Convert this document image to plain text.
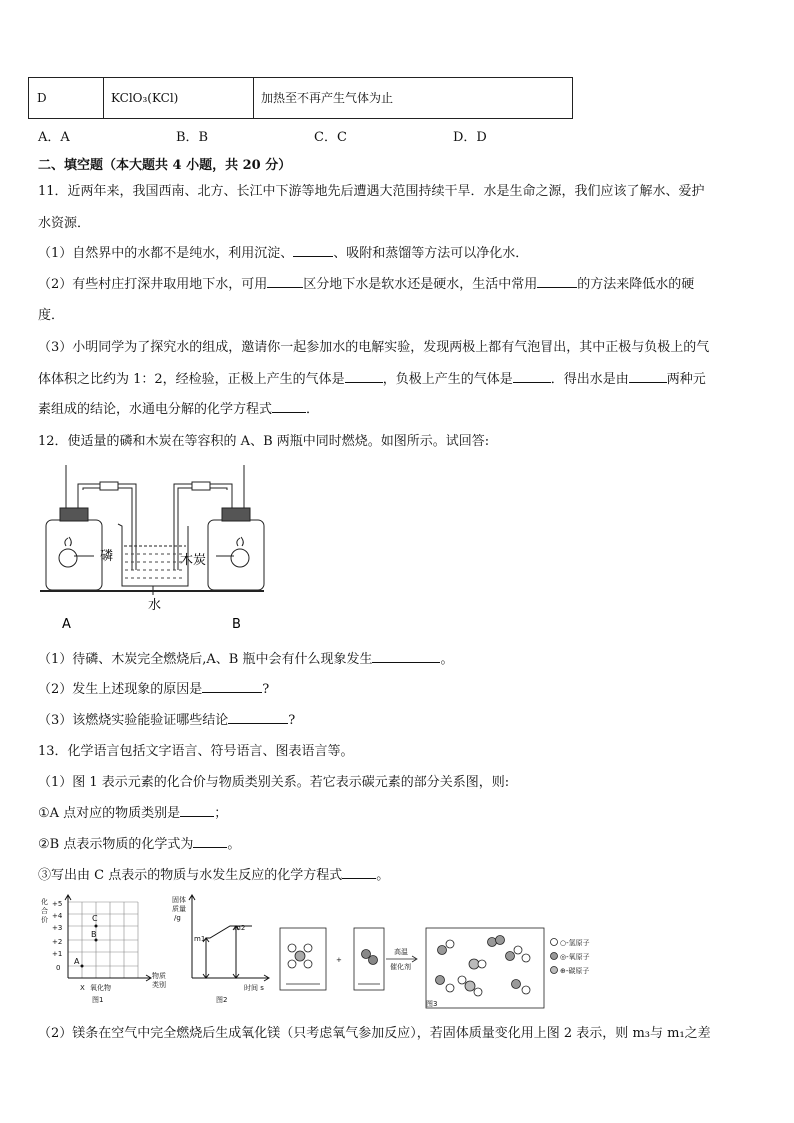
D	KClO₃(KCl)	加热至不再产生气体为止
A．A	B．B	C．C	D．D
二、填空题（本大题共 4 小题，共 20 分）
11．近两年来，我国西南、北方、长江中下游等地先后遭遇大范围持续干旱．水是生命之源，我们应该了解水、爱护
水资源．
（1）自然界中的水都不是纯水，利用沉淀、	、吸附和蒸馏等方法可以净化水．
（2）有些村庄打深井取用地下水，可用	区分地下水是软水还是硬水，生活中常用	的方法来降低水的硬
度．
（3）小明同学为了探究水的组成，邀请你一起参加水的电解实验，发现两极上都有气泡冒出，其中正极与负极上的气
体体积之比约为 1：2，经检验，正极上产生的气体是	，负极上产生的气体是	．得出水是由	两种元
素组成的结论，水通电分解的化学方程式	．
12．使适量的磷和木炭在等容积的 A、B 两瓶中同时燃烧。如图所示。试回答:
磷	木炭
水
A	B
（1）待磷、木炭完全燃烧后,A、B 瓶中会有什么现象发生	。
（2）发生上述现象的原因是	?
（3）该燃烧实验能验证哪些结论	?
13．化学语言包括文字语言、符号语言、图表语言等。
（1）图 1 表示元素的化合价与物质类别关系。若它表示碳元素的部分关系图，则:
①A 点对应的物质类别是	；
②B 点表示物质的化学式为	。
③写出由 C 点表示的物质与水发生反应的化学方程式	。
化
合
价
+5
+4
+3
+2
+1
0
C
B
A
X 氧化物
物质
类别
图1
固体
质量
/g
m1
m2
时间 s
图2
+
高温
催化剂
○-氢原子
◎-氧原子
⊕-碳原子
图3
（2）镁条在空气中完全燃烧后生成氧化镁（只考虑氧气参加反应），若固体质量变化用上图 2 表示，则 m₃与 m₁之差
